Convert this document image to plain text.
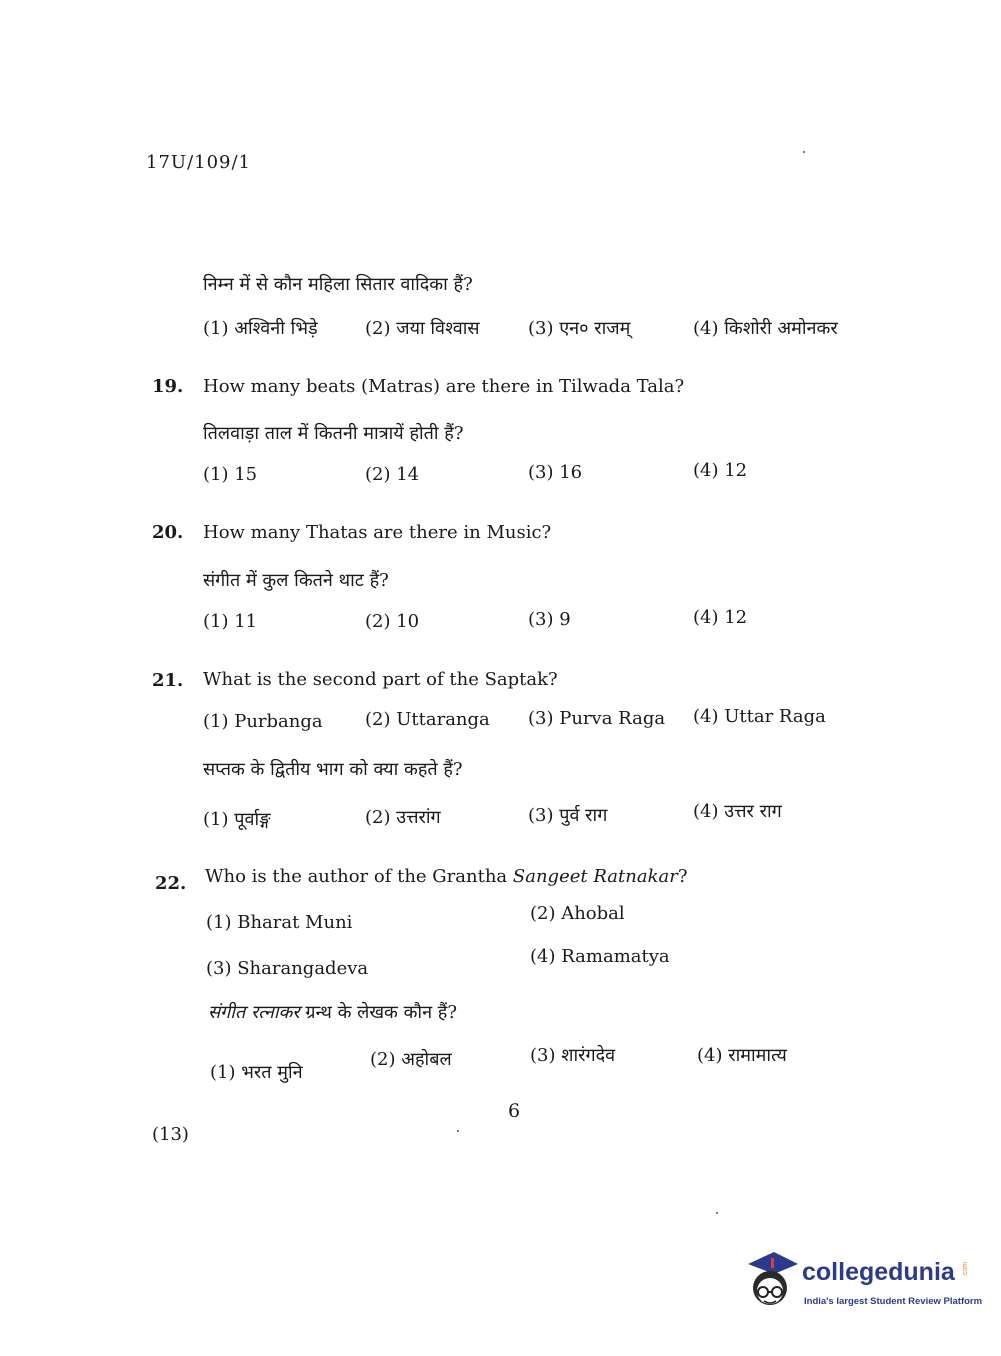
17U/109/1
निम्न में से कौन महिला सितार वादिका हैं?
(1) अश्विनी भिड़े	(2) जया विश्वास	(3) एन० राजम्	(4) किशोरी अमोनकर
19. How many beats (Matras) are there in Tilwada Tala?
तिलवाड़ा ताल में कितनी मात्रायें होती हैं?
(1) 15	(2) 14	(3) 16	(4) 12
20. How many Thatas are there in Music?
संगीत में कुल कितने थाट हैं?
(1) 11	(2) 10	(3) 9	(4) 12
21. What is the second part of the Saptak?
(1) Purbanga (2) Uttaranga (3) Purva Raga (4) Uttar Raga
सप्तक के द्वितीय भाग को क्या कहते हैं?
(1) पूर्वाङ्ग	(2) उत्तरांग	(3) पुर्व राग	(4) उत्तर राग
22. Who is the author of the Grantha Sangeet Ratnakar?
(1) Bharat Muni	(2) Ahobal
(3) Sharangadeva
(4) Ramamatya
संगीत रत्नाकर ग्रन्थ के लेखक कौन हैं?
(1) भरत मुनि
(2) अहोबल	(3) शारंगदेव	(4) रामामात्य
6
(13)
collegedunia .com
India's largest Student Review Platform
